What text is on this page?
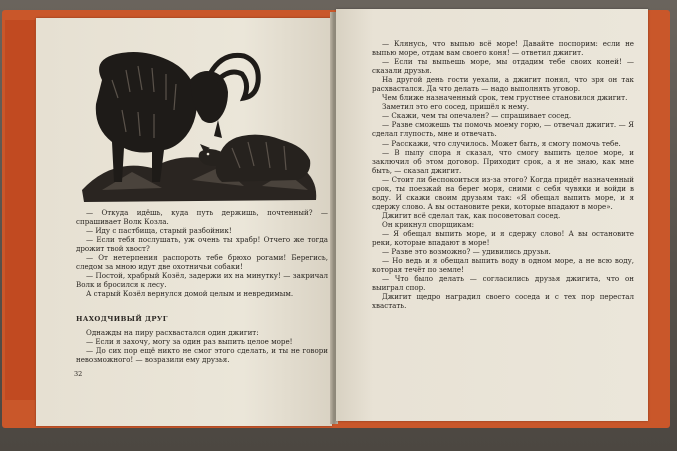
— Откуда идёшь, куда путь держишь, почтенный? — спрашивает Волк Козла.

— Иду с пастбища, старый разбойник!

— Если тебя послушать, уж очень ты храбр! Отчего же тогда дрожит твой хвост?

— От нетерпения распороть тебе брюхо рогами! Берегись, следом за мною идут две охотничьи собаки!

— Постой, храбрый Козёл, задержи их на минутку! — закричал Волк и бросился к лесу.

А старый Козёл вернулся домой целым и невредимым.

НАХОДЧИВЫЙ ДРУГ

Однажды на пиру расхвастался один джигит:

— Если я захочу, могу за один раз выпить целое море!

— До сих пор ещё никто не смог этого сделать, и ты не говори невозможного! — возразили ему друзья.

32

— Клянусь, что выпью всё море! Давайте поспорим: если не выпью море, отдам вам своего коня! — ответил джигит.

— Если ты выпьешь море, мы отдадим тебе своих коней! — сказали друзья.

На другой день гости уехали, а джигит понял, что зря он так расхвастался. Да что делать — надо выполнять уговор.

Чем ближе назначенный срок, тем грустнее становился джигит.

Заметил это его сосед, пришёл к нему.

— Скажи, чем ты опечален? — спрашивает сосед.

— Разве сможешь ты помочь моему горю, — отвечал джигит. — Я сделал глупость, мне и отвечать.

— Расскажи, что случилось. Может быть, я смогу помочь тебе.

— В пылу спора я сказал, что смогу выпить целое море, и заключил об этом договор. Приходит срок, а я не знаю, как мне быть, — сказал джигит.

— Стоит ли беспокоиться из-за этого? Когда придёт назначенный срок, ты поезжай на берег моря, сними с себя чувяки и войди в воду. И скажи своим друзьям так: «Я обещал выпить море, и я сдержу слово. А вы остановите реки, которые впадают в море».

Джигит всё сделал так, как посоветовал сосед.

Он крикнул спорщикам:

— Я обещал выпить море, и я сдержу слово! А вы остановите реки, которые впадают в море!

— Разве это возможно? — удивились друзья.

— Но ведь и я обещал выпить воду в одном море, а не всю воду, которая течёт по земле!

— Что было делать — согласились друзья джигита, что он выиграл спор.

Джигит щедро наградил своего соседа и с тех пор перестал хвастать.
